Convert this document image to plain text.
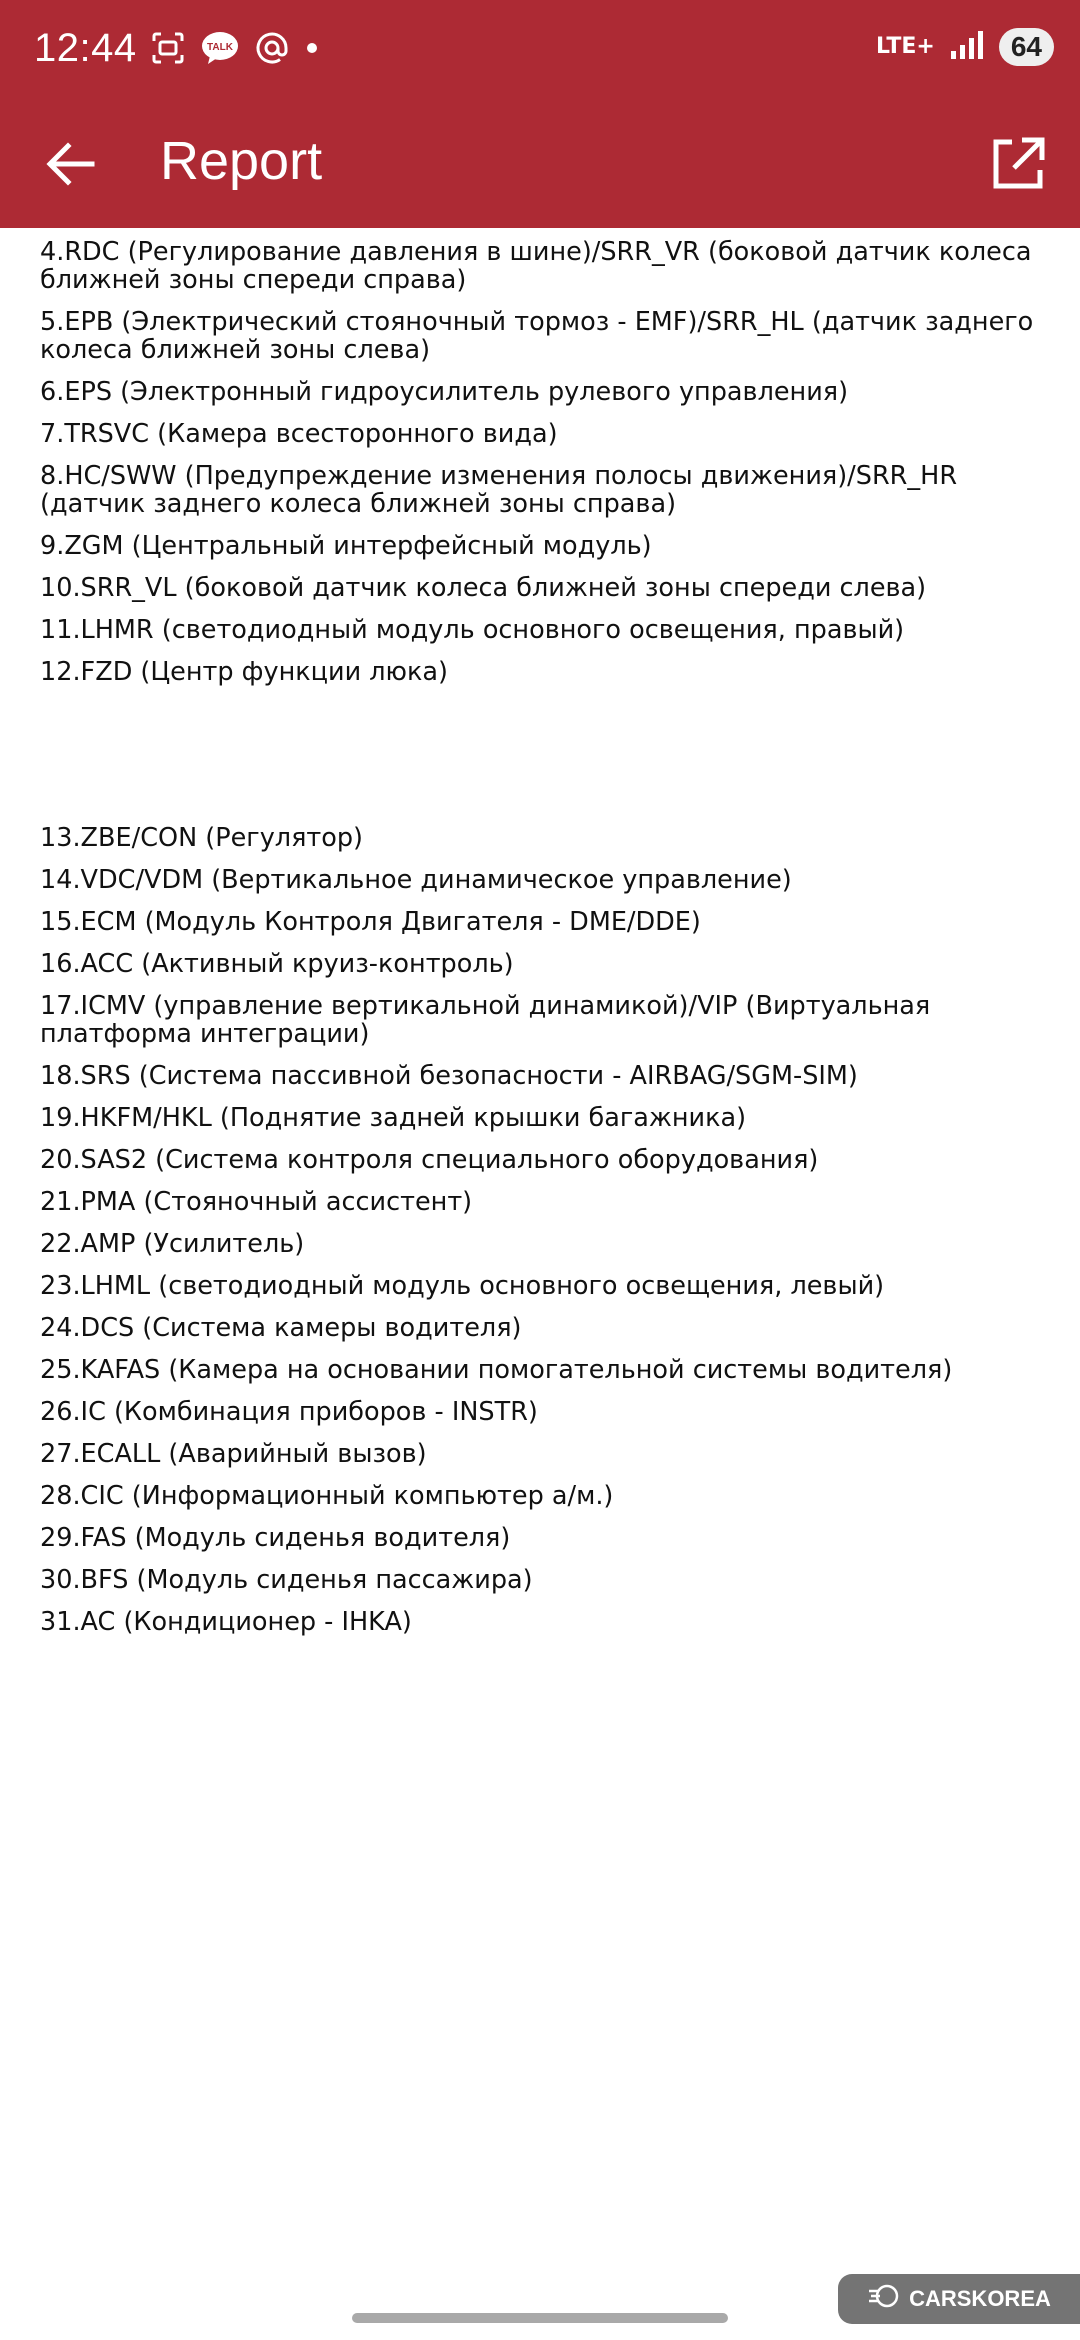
4.RDC (Регулирование давления в шине)/SRR_VR (боковой датчик колеса ближней зоны спереди справа)
5.EPB (Электрический стояночный тормоз - EMF)/SRR_HL (датчик заднего колеса ближней зоны слева)
6.EPS (Электронный гидроусилитель рулевого управления)
7.TRSVC (Камера всесторонного вида)
8.HC/SWW (Предупреждение изменения полосы движения)/SRR_HR (датчик заднего колеса ближней зоны справа)
9.ZGM (Центральный интерфейсный модуль)
10.SRR_VL (боковой датчик колеса ближней зоны спереди слева)
11.LHMR (светодиодный модуль основного освещения, правый)
12.FZD (Центр функции люка)
13.ZBE/CON (Регулятор)
14.VDC/VDM (Вертикальное динамическое управление)
15.ECM (Модуль Контроля Двигателя - DME/DDE)
16.ACC (Активный круиз-контроль)
17.ICMV (управление вертикальной динамикой)/VIP (Виртуальная платформа интеграции)
18.SRS (Система пассивной безопасности - AIRBAG/SGM-SIM)
19.HKFM/HKL (Поднятие задней крышки багажника)
20.SAS2 (Система контроля специального оборудования)
21.PMA (Стояночный ассистент)
22.AMP (Усилитель)
23.LHML (светодиодный модуль основного освещения, левый)
24.DCS (Система камеры водителя)
25.KAFAS (Камера на основании помогательной системы водителя)
26.IC (Комбинация приборов - INSTR)
27.ECALL (Аварийный вызов)
28.CIC (Информационный компьютер а/м.)
29.FAS (Модуль сиденья водителя)
30.BFS (Модуль сиденья пассажира)
31.AC (Кондиционер - IHKA)
12:44	TALK	LTE+	64
Report
CARSKOREA
